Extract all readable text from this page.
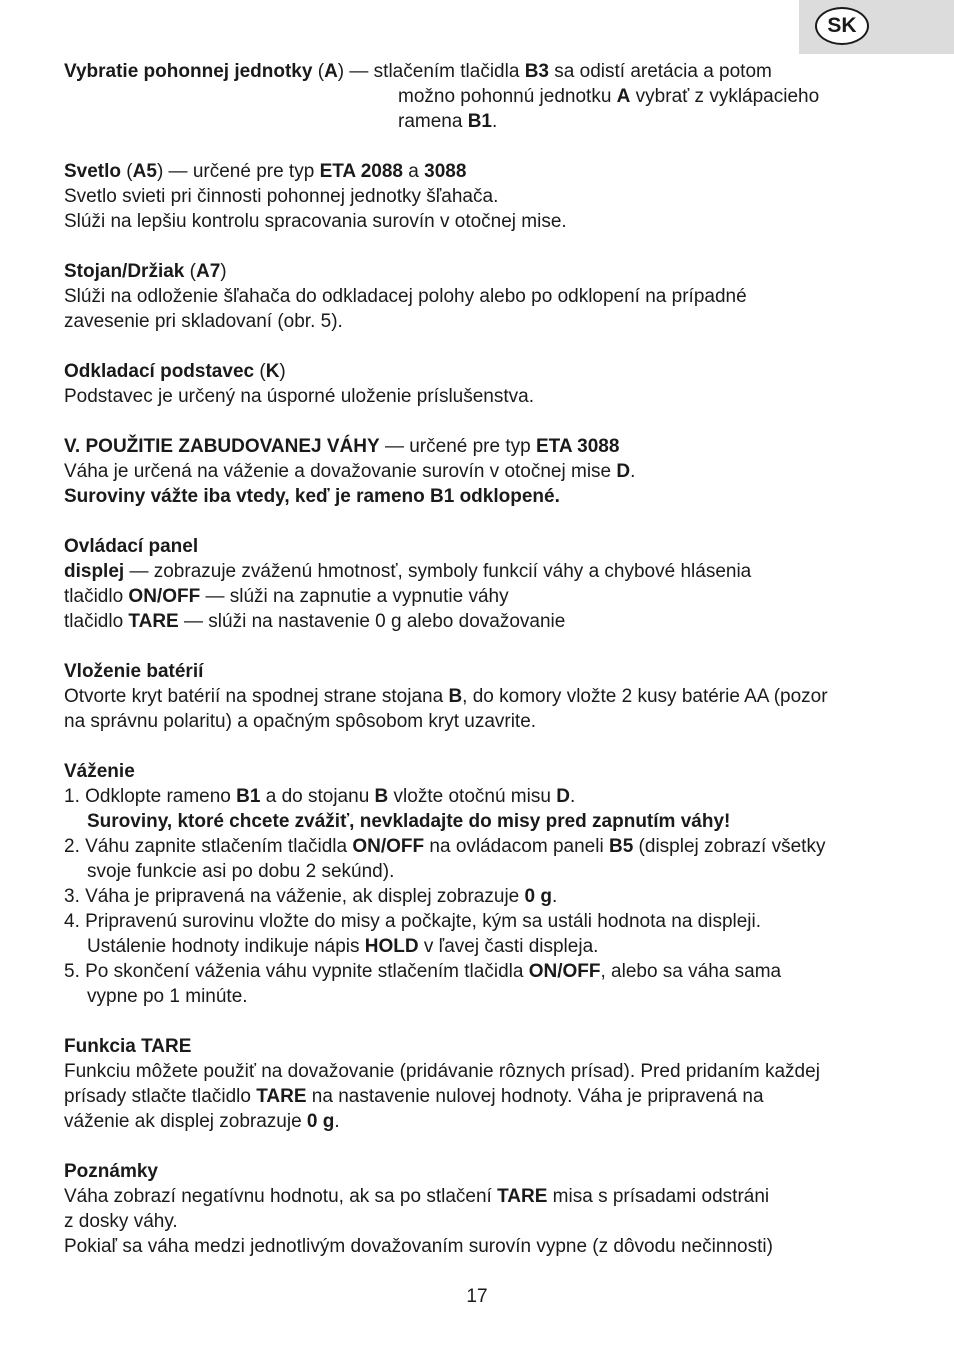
SK
Vybratie pohonnej jednotky (A) — stlačením tlačidla B3 sa odistí aretácia a potom
možno pohonnú jednotku A vybrať z vyklápacieho
ramena B1.
Svetlo (A5) — určené pre typ ETA 2088 a 3088
Svetlo svieti pri činnosti pohonnej jednotky šľahača.
Slúži na lepšiu kontrolu spracovania surovín v otočnej mise.
Stojan/Držiak (A7)
Slúži na odloženie šľahača do odkladacej polohy alebo po odklopení na prípadné
zavesenie pri skladovaní (obr. 5).
Odkladací podstavec (K)
Podstavec je určený na úsporné uloženie príslušenstva.
V. POUŽITIE ZABUDOVANEJ VÁHY — určené pre typ ETA 3088
Váha je určená na váženie a dovažovanie surovín v otočnej mise D.
Suroviny vážte iba vtedy, keď je rameno B1 odklopené.
Ovládací panel
displej — zobrazuje zváženú hmotnosť, symboly funkcií váhy a chybové hlásenia
tlačidlo ON/OFF — slúži na zapnutie a vypnutie váhy
tlačidlo TARE — slúži na nastavenie 0 g alebo dovažovanie
Vloženie batérií
Otvorte kryt batérií na spodnej strane stojana B, do komory vložte 2 kusy batérie AA (pozor
na správnu polaritu) a opačným spôsobom kryt uzavrite.
Váženie
1. Odklopte rameno B1 a do stojanu B vložte otočnú misu D.
Suroviny, ktoré chcete zvážiť, nevkladajte do misy pred zapnutím váhy!
2. Váhu zapnite stlačením tlačidla ON/OFF na ovládacom paneli B5 (displej zobrazí všetky
svoje funkcie asi po dobu 2 sekúnd).
3. Váha je pripravená na váženie, ak displej zobrazuje 0 g.
4. Pripravenú surovinu vložte do misy a počkajte, kým sa ustáli hodnota na displeji.
Ustálenie hodnoty indikuje nápis HOLD v ľavej časti displeja.
5. Po skončení váženia váhu vypnite stlačením tlačidla ON/OFF, alebo sa váha sama
vypne po 1 minúte.
Funkcia TARE
Funkciu môžete použiť na dovažovanie (pridávanie rôznych prísad). Pred pridaním každej
prísady stlačte tlačidlo TARE na nastavenie nulovej hodnoty. Váha je pripravená na
váženie ak displej zobrazuje 0 g.
Poznámky
Váha zobrazí negatívnu hodnotu, ak sa po stlačení TARE misa s prísadami odstráni
z dosky váhy.
Pokiaľ sa váha medzi jednotlivým dovažovaním surovín vypne (z dôvodu nečinnosti)
17
